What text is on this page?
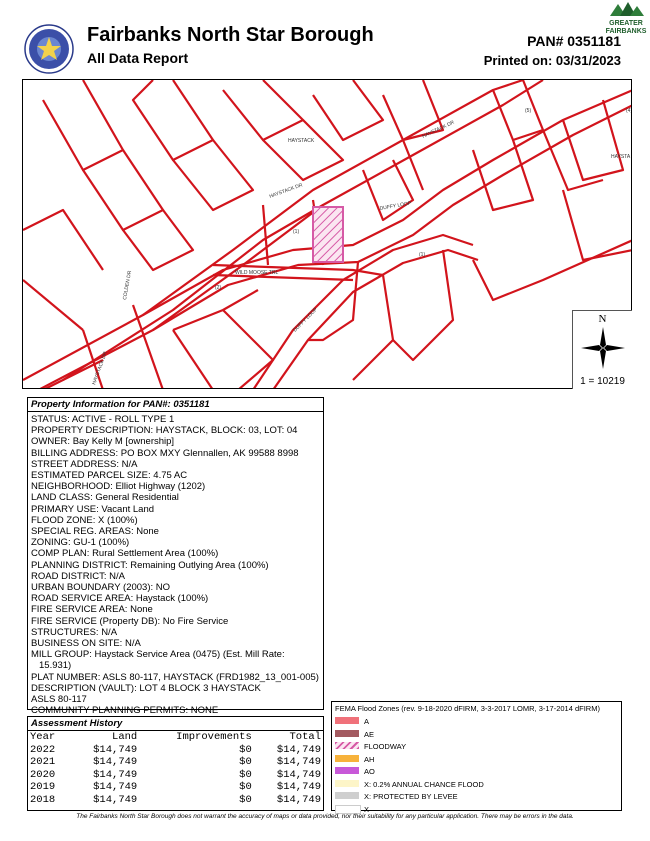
Fairbanks North Star Borough
All Data Report
PAN# 0351181
Printed on: 03/31/2023
GREATER
FAIRBANKS
HAYSTACK
HAYSTACK DR
HAYSTACK DR
HAYSTACK DR
HAYSTA
DUFFY LOOP
DUFFY LOOP
WILD MOOSE TRL
COLDEN DR
(1)
(1)
(2)
(5)	(4)
N
1 = 10219
Property Information for PAN#: 0351181
STATUS: ACTIVE - ROLL TYPE 1
PROPERTY DESCRIPTION: HAYSTACK, BLOCK: 03, LOT: 04
OWNER: Bay Kelly M [ownership]
BILLING ADDRESS: PO BOX MXY Glennallen, AK 99588 8998
STREET ADDRESS: N/A
ESTIMATED PARCEL SIZE: 4.75 AC
NEIGHBORHOOD: Elliot Highway (1202)
LAND CLASS: General Residential
PRIMARY USE: Vacant Land
FLOOD ZONE: X (100%)
SPECIAL REG. AREAS: None
ZONING: GU-1 (100%)
COMP PLAN: Rural Settlement Area (100%)
PLANNING DISTRICT: Remaining Outlying Area (100%)
ROAD DISTRICT: N/A
URBAN BOUNDARY (2003): NO
ROAD SERVICE AREA: Haystack (100%)
FIRE SERVICE AREA: None
FIRE SERVICE (Property DB): No Fire Service
STRUCTURES: N/A
BUSINESS ON SITE: N/A
MILL GROUP: Haystack Service Area (0475) (Est. Mill Rate:
15.931)
PLAT NUMBER: ASLS 80-117, HAYSTACK (FRD1982_13_001-005)
DESCRIPTION (VAULT): LOT 4 BLOCK 3 HAYSTACK
ASLS 80-117
COMMUNITY PLANNING PERMITS: NONE
Assessment History
Year	Land	Improvements	Total
2022	$14,749	$0	$14,749
2021	$14,749	$0	$14,749
2020	$14,749	$0	$14,749
2019	$14,749	$0	$14,749
2018	$14,749	$0	$14,749
FEMA Flood Zones (rev. 9-18-2020 dFIRM, 3-3-2017 LOMR, 3-17-2014 dFIRM)
A
AE
FLOODWAY
AH
AO
X: 0.2% ANNUAL CHANCE FLOOD
X: PROTECTED BY LEVEE
X
The Fairbanks North Star Borough does not warrant the accuracy of maps or data provided, nor their suitability for any particular application. There may be errors in the data.
